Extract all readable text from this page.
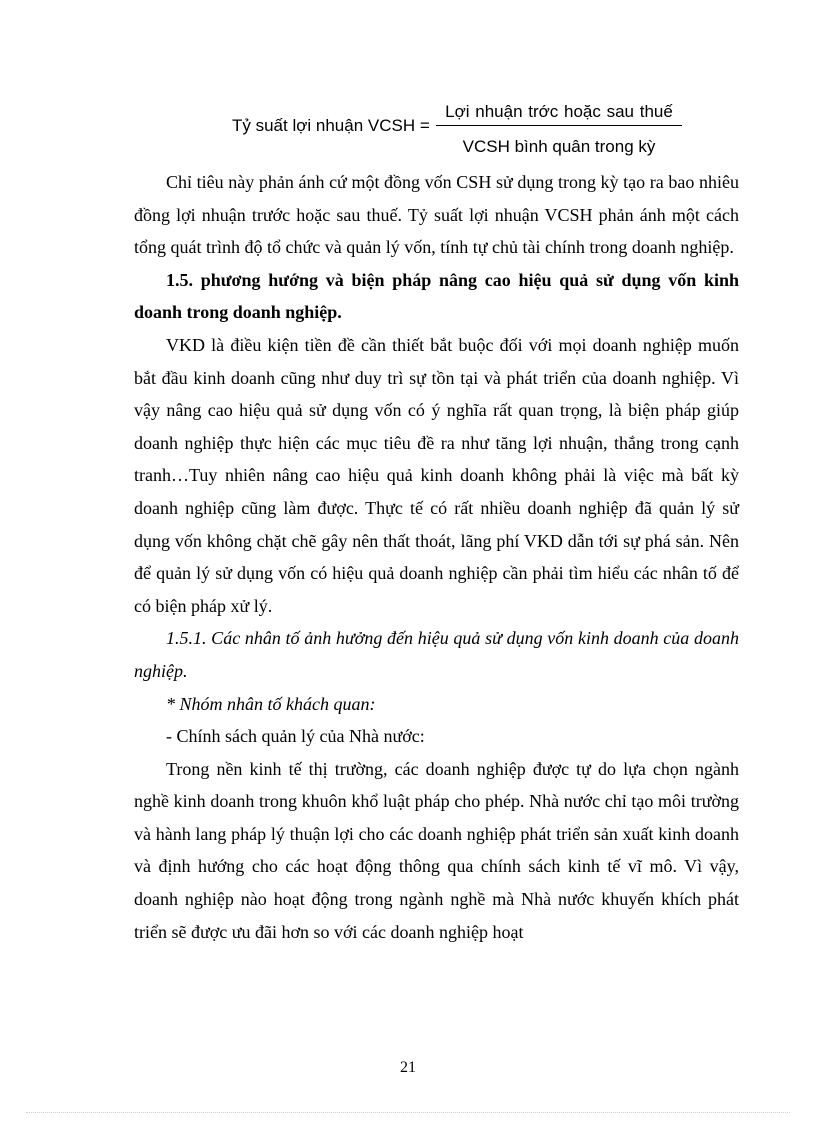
Tỷ suất lợi nhuận VCSH =
Lợi nhuận trớc hoặc sau thuế
VCSH bình quân trong kỳ

Chỉ tiêu này phản ánh cứ một đồng vốn CSH sử dụng trong kỳ tạo ra bao nhiêu đồng lợi nhuận trước hoặc sau thuế. Tỷ suất lợi nhuận VCSH phản ánh một cách tổng quát trình độ tổ chức và quản lý vốn, tính tự chủ tài chính trong doanh nghiệp.

1.5. phương hướng và biện pháp nâng cao hiệu quả sử dụng vốn kinh doanh trong doanh nghiệp.

VKD là điều kiện tiền đề cần thiết bắt buộc đối với mọi doanh nghiệp muốn bắt đầu kinh doanh cũng như duy trì sự tồn tại và phát triển của doanh nghiệp. Vì vậy nâng cao hiệu quả sử dụng vốn có ý nghĩa rất quan trọng, là biện pháp giúp doanh nghiệp thực hiện các mục tiêu đề ra như tăng lợi nhuận, thắng trong cạnh tranh…Tuy nhiên nâng cao hiệu quả kinh doanh không phải là việc mà bất kỳ doanh nghiệp cũng làm được. Thực tế có rất nhiều doanh nghiệp đã quản lý sử dụng vốn không chặt chẽ gây nên thất thoát, lãng phí VKD dẫn tới sự phá sản. Nên để quản lý sử dụng vốn có hiệu quả doanh nghiệp cần phải tìm hiểu các nhân tố để có biện pháp xử lý.

1.5.1. Các nhân tố ảnh hưởng đến hiệu quả sử dụng vốn kinh doanh của doanh nghiệp.

* Nhóm nhân tố khách quan:

- Chính sách quản lý của Nhà nước:

Trong nền kinh tế thị trường, các doanh nghiệp được tự do lựa chọn ngành nghề kinh doanh trong khuôn khổ luật pháp cho phép. Nhà nước chỉ tạo môi trường và hành lang pháp lý thuận lợi cho các doanh nghiệp phát triển sản xuất kinh doanh và định hướng cho các hoạt động thông qua chính sách kinh tế vĩ mô. Vì vậy, doanh nghiệp nào hoạt động trong ngành nghề mà Nhà nước khuyến khích phát triển sẽ được ưu đãi hơn so với các doanh nghiệp hoạt

21
